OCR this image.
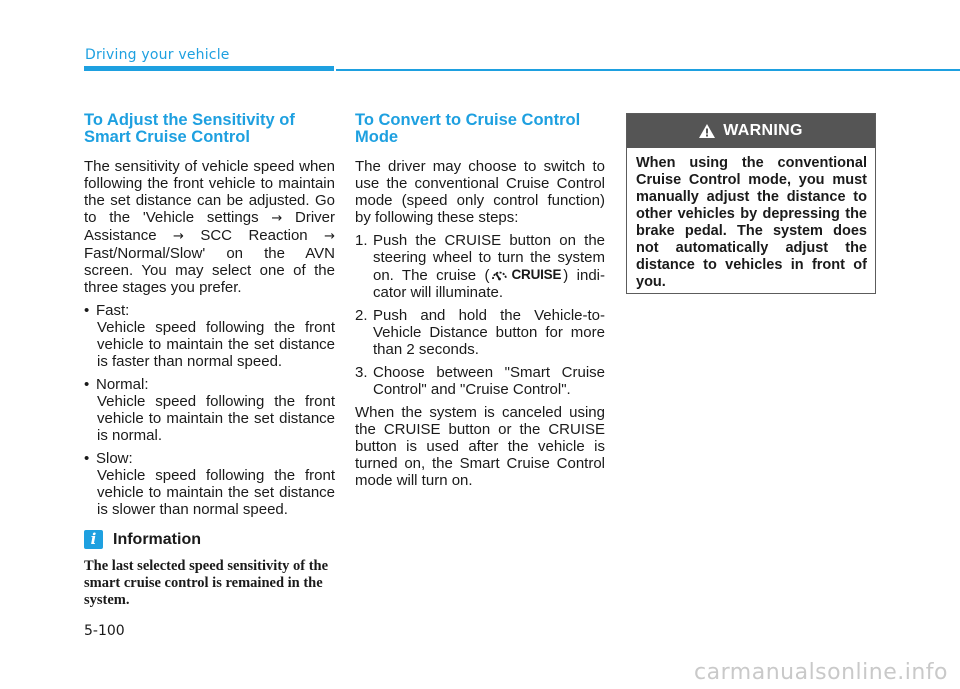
Driving your vehicle
To Adjust the Sensitivity of Smart Cruise Control

The sensitivity of vehicle speed when following the front vehicle to maintain the set distance can be adjusted. Go to the 'Vehicle settings → Driver Assistance → SCC Reaction → Fast/Normal/Slow' on the AVN screen. You may select one of the three stages you prefer.

• Fast:
Vehicle speed following the front vehicle to maintain the set distance is faster than normal speed.
• Normal:
Vehicle speed following the front vehicle to maintain the set distance is normal.
• Slow:
Vehicle speed following the front vehicle to maintain the set distance is slower than normal speed.
i	Information

The last selected speed sensitivity of the smart cruise control is remained in the system.

To Convert to Cruise Control Mode

The driver may choose to switch to use the conventional Cruise Control mode (speed only control function) by following these steps:

1. Push the CRUISE button on the steering wheel to turn the system on. The cruise ( CRUISE ) indi-cator will illuminate.
2. Push and hold the Vehicle-to-Vehicle Distance button for more than 2 seconds.
3. Choose between "Smart Cruise Control" and "Cruise Control".

When the system is canceled using the CRUISE button or the CRUISE button is used after the vehicle is turned on, the Smart Cruise Control mode will turn on.

WARNING

When using the conventional Cruise Control mode, you must manually adjust the distance to other vehicles by depressing the brake pedal. The system does not automatically adjust the distance to vehicles in front of you.

5-100
carmanualsonline.info
